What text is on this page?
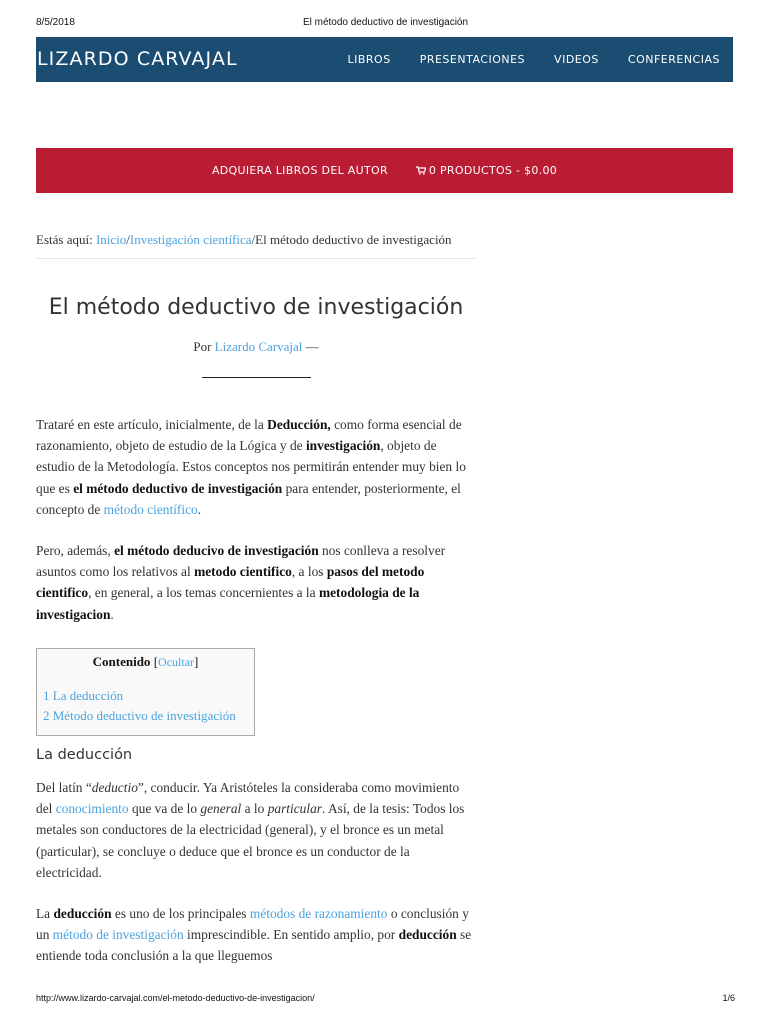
8/5/2018	El método deductivo de investigación
LIZARDO CARVAJAL	LIBROS	PRESENTACIONES	VIDEOS	CONFERENCIAS
ADQUIERA LIBROS DEL AUTOR	0 PRODUCTOS - $0.00
Estás aquí: Inicio/Investigación científica/El método deductivo de investigación
El método deductivo de investigación
Por Lizardo Carvajal —

Trataré en este artículo, inicialmente, de la Deducción, como forma esencial de razonamiento, objeto de estudio de la Lógica y de investigación, objeto de estudio de la Metodología. Estos conceptos nos permitirán entender muy bien lo que es el método deductivo de investigación para entender, posteriormente, el concepto de método científico.

Pero, además, el método deducivo de investigación nos conlleva a resolver asuntos como los relativos al metodo cientifico, a los pasos del metodo cientifico, en general, a los temas concernientes a la metodologia de la investigacion.

Contenido [Ocultar]
1 La deducción
2 Método deductivo de investigación
La deducción

Del latín “deductio”, conducir. Ya Aristóteles la consideraba como movimiento del conocimiento que va de lo general a lo particular. Así, de la tesis: Todos los metales son conductores de la electricidad (general), y el bronce es un metal (particular), se concluye o deduce que el bronce es un conductor de la electricidad.

La deducción es uno de los principales métodos de razonamiento o conclusión y un método de investigación imprescindible. En sentido amplio, por deducción se entiende toda conclusión a la que lleguemos

http://www.lizardo-carvajal.com/el-metodo-deductivo-de-investigacion/	1/6
